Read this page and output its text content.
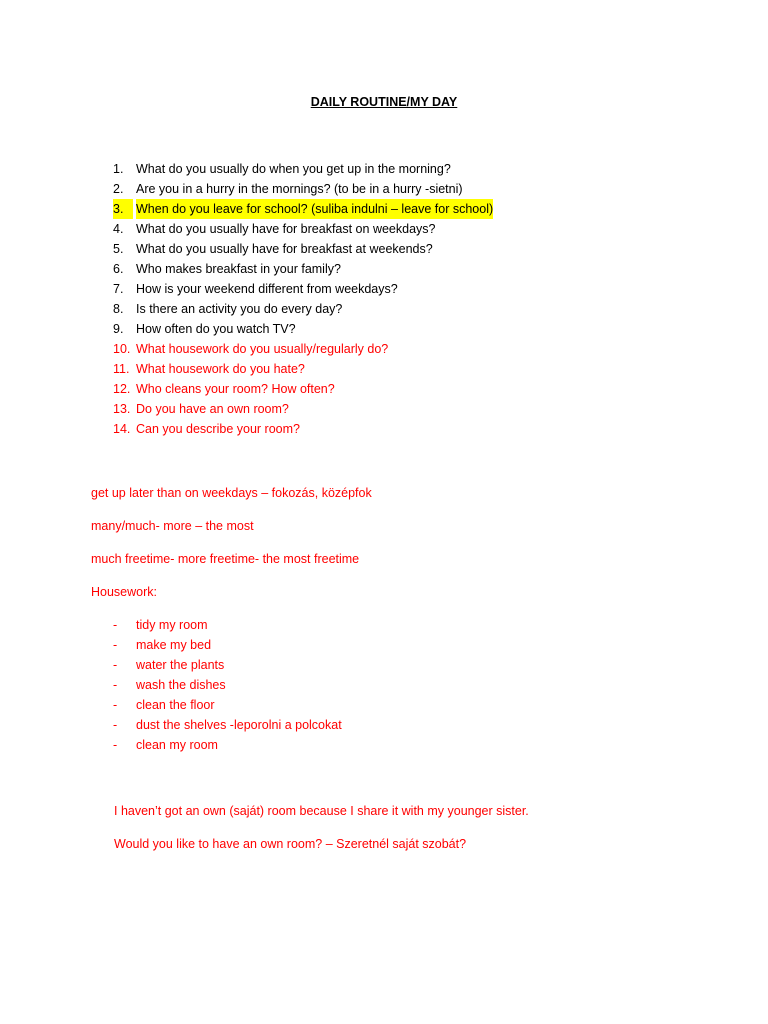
DAILY ROUTINE/MY DAY
1.	What do you usually do when you get up in the morning?
2.	Are you in a hurry in the mornings? (to be in a hurry -sietni)
3.	When do you leave for school? (suliba indulni – leave for school)
4.	What do you usually have for breakfast on weekdays?
5.	What do you usually have for breakfast at weekends?
6.	Who makes breakfast in your family?
7.	How is your weekend different from weekdays?
8.	Is there an activity you do every day?
9.	How often do you watch TV?
10. What housework do you usually/regularly do?
11. What housework do you hate?
12. Who cleans your room? How often?
13. Do you have an own room?
14. Can you describe your room?
get up later than on weekdays – fokozás, középfok
many/much- more – the most
much freetime- more freetime- the most freetime
Housework:
- tidy my room
- make my bed
- water the plants
- wash the dishes
- clean the floor
- dust the shelves -leporolni a polcokat
- clean my room
I haven’t got an own (saját) room because I share it with my younger sister.
Would you like to have an own room? – Szeretnél saját szobát?
